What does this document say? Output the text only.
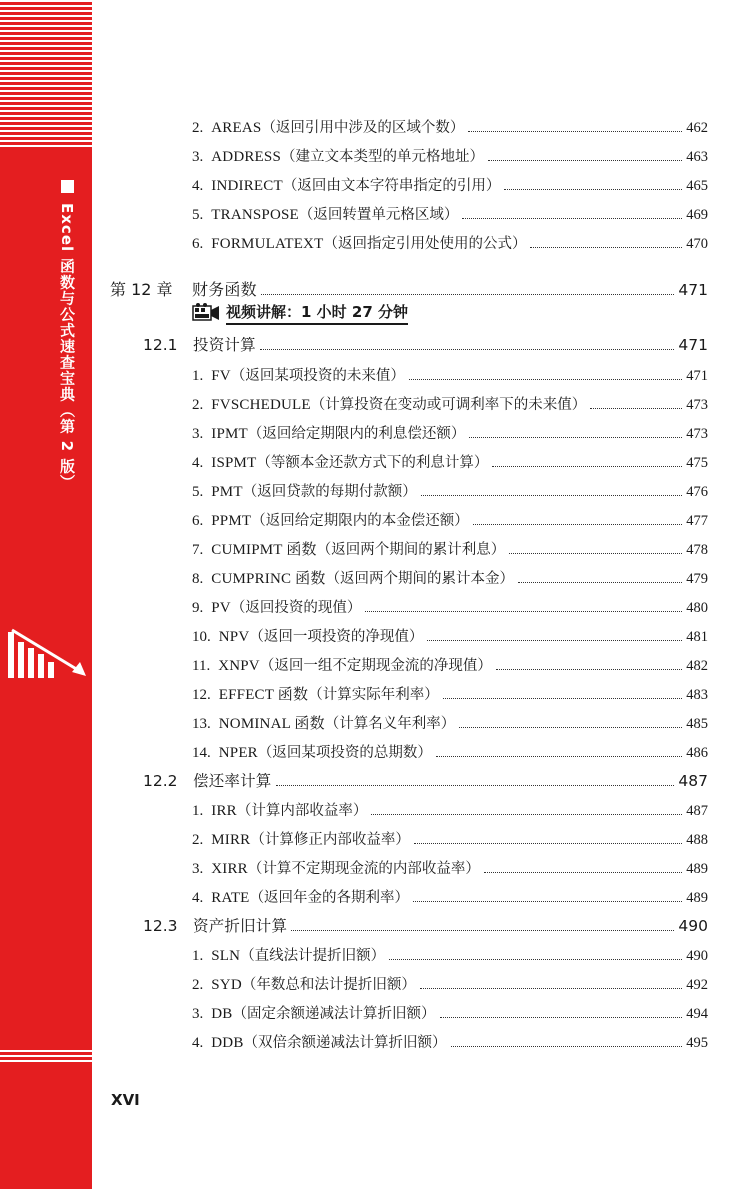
Excel 函数与公式速查宝典（第 2 版）
2. AREAS （返回引用中涉及的区域个数）	462
3. ADDRESS （建立文本类型的单元格地址）	463
4. INDIRECT （返回由文本字符串指定的引用）	465
5. TRANSPOSE （返回转置单元格区域）	469
6. FORMULATEXT （返回指定引用处使用的公式）	470
第 12 章	财务函数	471
视频讲解：1 小时 27 分钟
12.1 投资计算	471
1. FV （返回某项投资的未来值）	471
2. FVSCHEDULE （计算投资在变动或可调利率下的未来值）	473
3. IPMT （返回给定期限内的利息偿还额）	473
4. ISPMT （等额本金还款方式下的利息计算）	475
5. PMT （返回贷款的每期付款额）	476
6. PPMT （返回给定期限内的本金偿还额）	477
7. CUMIPMT 函数 （返回两个期间的累计利息）	478
8. CUMPRINC 函数 （返回两个期间的累计本金）	479
9. PV （返回投资的现值）	480
10. NPV （返回一项投资的净现值）	481
11. XNPV （返回一组不定期现金流的净现值）	482
12. EFFECT 函数 （计算实际年利率）	483
13. NOMINAL 函数 （计算名义年利率）	485
14. NPER （返回某项投资的总期数）	486
12.2 偿还率计算	487
1. IRR （计算内部收益率）	487
2. MIRR （计算修正内部收益率）	488
3. XIRR （计算不定期现金流的内部收益率）	489
4. RATE （返回年金的各期利率）	489
12.3 资产折旧计算	490
1. SLN （直线法计提折旧额）	490
2. SYD （年数总和法计提折旧额）	492
3. DB （固定余额递减法计算折旧额）	494
4. DDB （双倍余额递减法计算折旧额）	495
XVI
